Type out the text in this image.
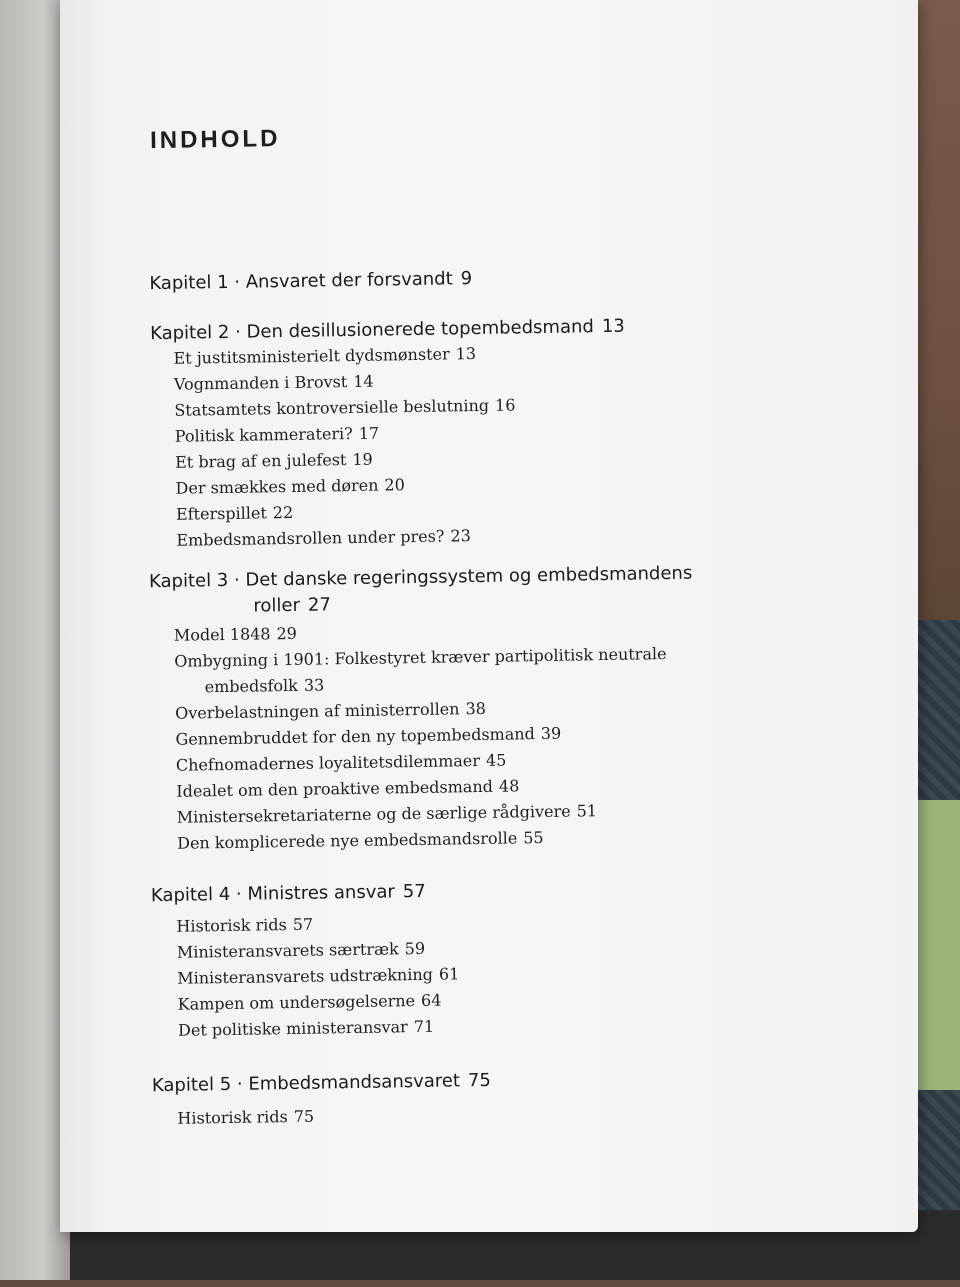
INDHOLD
Kapitel 1 · Ansvaret der forsvandt 9
Kapitel 2 · Den desillusionerede topembedsmand 13
Et justitsministerielt dydsmønster 13
Vognmanden i Brovst 14
Statsamtets kontroversielle beslutning 16
Politisk kammerateri? 17
Et brag af en julefest 19
Der smækkes med døren 20
Efterspillet 22
Embedsmandsrollen under pres? 23
Kapitel 3 · Det danske regeringssystem og embedsmandens
roller 27
Model 1848 29
Ombygning i 1901: Folkestyret kræver partipolitisk neutrale
embedsfolk 33
Overbelastningen af ministerrollen 38
Gennembruddet for den ny topembedsmand 39
Chefnomadernes loyalitetsdilemmaer 45
Idealet om den proaktive embedsmand 48
Ministersekretariaterne og de særlige rådgivere 51
Den komplicerede nye embedsmandsrolle 55
Kapitel 4 · Ministres ansvar 57
Historisk rids 57
Ministeransvarets særtræk 59
Ministeransvarets udstrækning 61
Kampen om undersøgelserne 64
Det politiske ministeransvar 71
Kapitel 5 · Embedsmandsansvaret 75
Historisk rids 75
